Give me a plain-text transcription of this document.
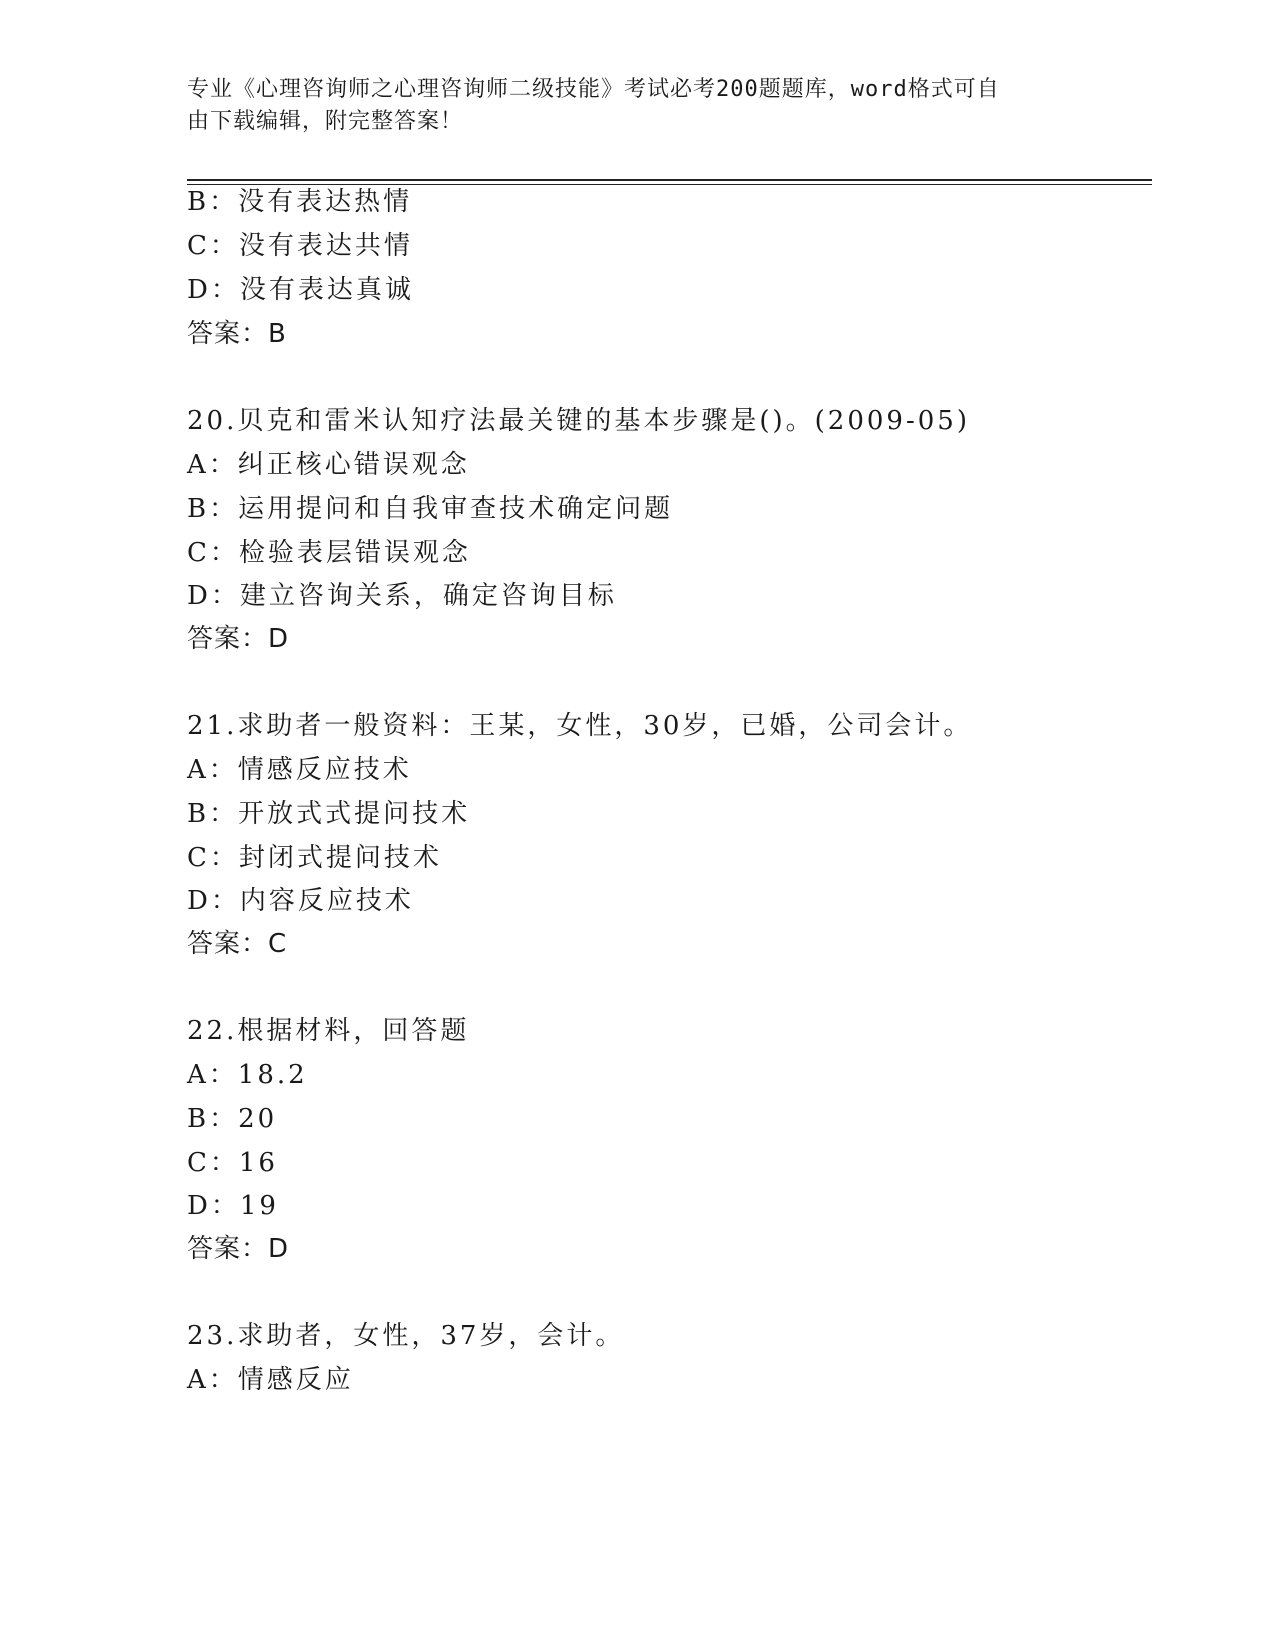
专业《心理咨询师之心理咨询师二级技能》考试必考200题题库，word格式可自
由下载编辑，附完整答案！
B：没有表达热情
C：没有表达共情
D：没有表达真诚
答案：B
20.贝克和雷米认知疗法最关键的基本步骤是()。(2009-05)
A：纠正核心错误观念
B：运用提问和自我审查技术确定问题
C：检验表层错误观念
D：建立咨询关系，确定咨询目标
答案：D
21.求助者一般资料：王某，女性，30岁，已婚，公司会计。
A：情感反应技术
B：开放式式提问技术
C：封闭式提问技术
D：内容反应技术
答案：C
22.根据材料，回答题
A：18.2
B：20
C：16
D：19
答案：D
23.求助者，女性，37岁，会计。
A：情感反应
